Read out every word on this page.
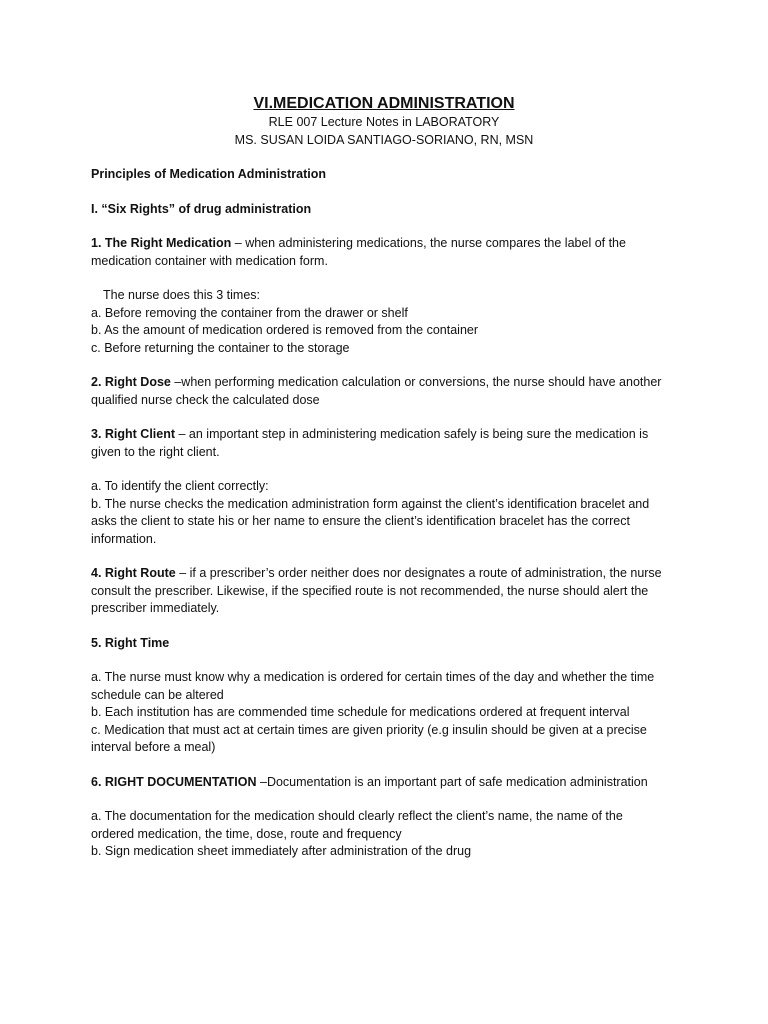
VI.MEDICATION ADMINISTRATION
RLE 007 Lecture Notes in LABORATORY
MS. SUSAN LOIDA SANTIAGO-SORIANO, RN, MSN
Principles of Medication Administration
I. “Six Rights” of drug administration
1. The Right Medication – when administering medications, the nurse compares the label of the
medication container with medication form.
The nurse does this 3 times:
a. Before removing the container from the drawer or shelf
b. As the amount of medication ordered is removed from the container
c. Before returning the container to the storage
2. Right Dose –when performing medication calculation or conversions, the nurse should have another
qualified nurse check the calculated dose
3. Right Client – an important step in administering medication safely is being sure the medication is
given to the right client.
a. To identify the client correctly:
b. The nurse checks the medication administration form against the client’s identification bracelet and
asks the client to state his or her name to ensure the client’s identification bracelet has the correct
information.
4. Right Route – if a prescriber’s order neither does nor designates a route of administration, the nurse
consult the prescriber. Likewise, if the specified route is not recommended, the nurse should alert the
prescriber immediately.
5. Right Time
a. The nurse must know why a medication is ordered for certain times of the day and whether the time
schedule can be altered
b. Each institution has are commended time schedule for medications ordered at frequent interval
c. Medication that must act at certain times are given priority (e.g insulin should be given at a precise
interval before a meal)
6. RIGHT DOCUMENTATION –Documentation is an important part of safe medication administration
a. The documentation for the medication should clearly reflect the client’s name, the name of the
ordered medication, the time, dose, route and frequency
b. Sign medication sheet immediately after administration of the drug
